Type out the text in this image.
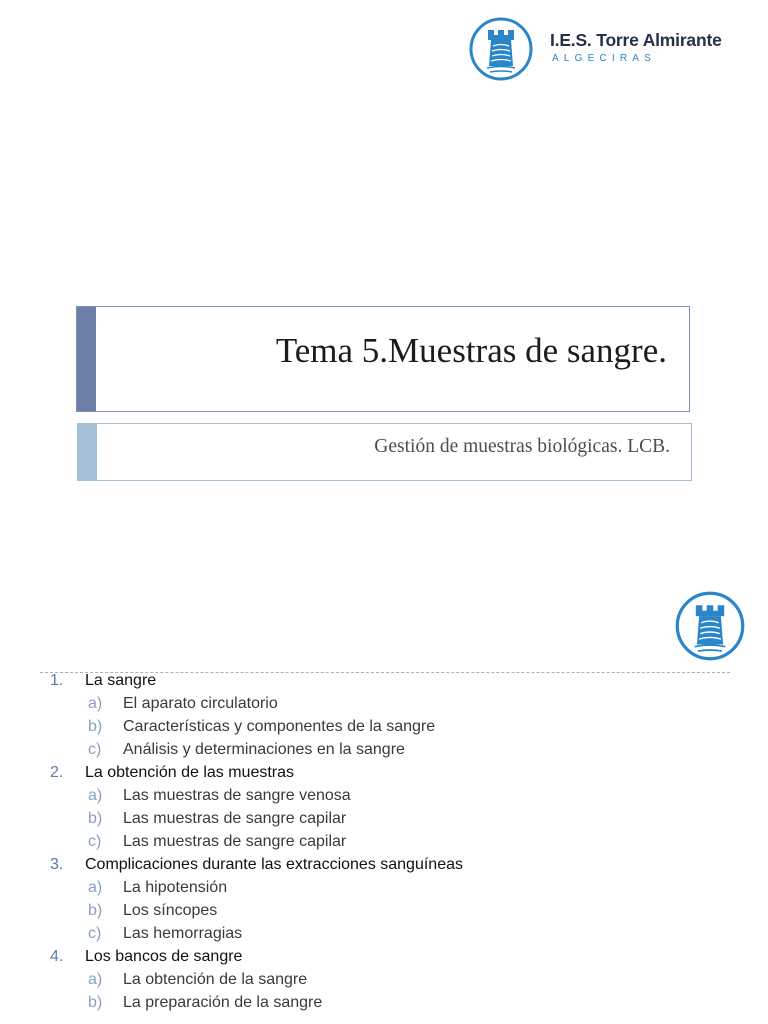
I.E.S. Torre Almirante
ALGECIRAS
Tema 5.Muestras de sangre.
Gestión de muestras biológicas. LCB.
1. La sangre
a) El aparato circulatorio
b) Características y componentes de la sangre
c) Análisis y determinaciones en la sangre
2. La obtención de las muestras
a) Las muestras de sangre venosa
b) Las muestras de sangre capilar
c) Las muestras de sangre capilar
3. Complicaciones durante las extracciones sanguíneas
a) La hipotensión
b) Los síncopes
c) Las hemorragias
4. Los bancos de sangre
a) La obtención de la sangre
b) La preparación de la sangre
